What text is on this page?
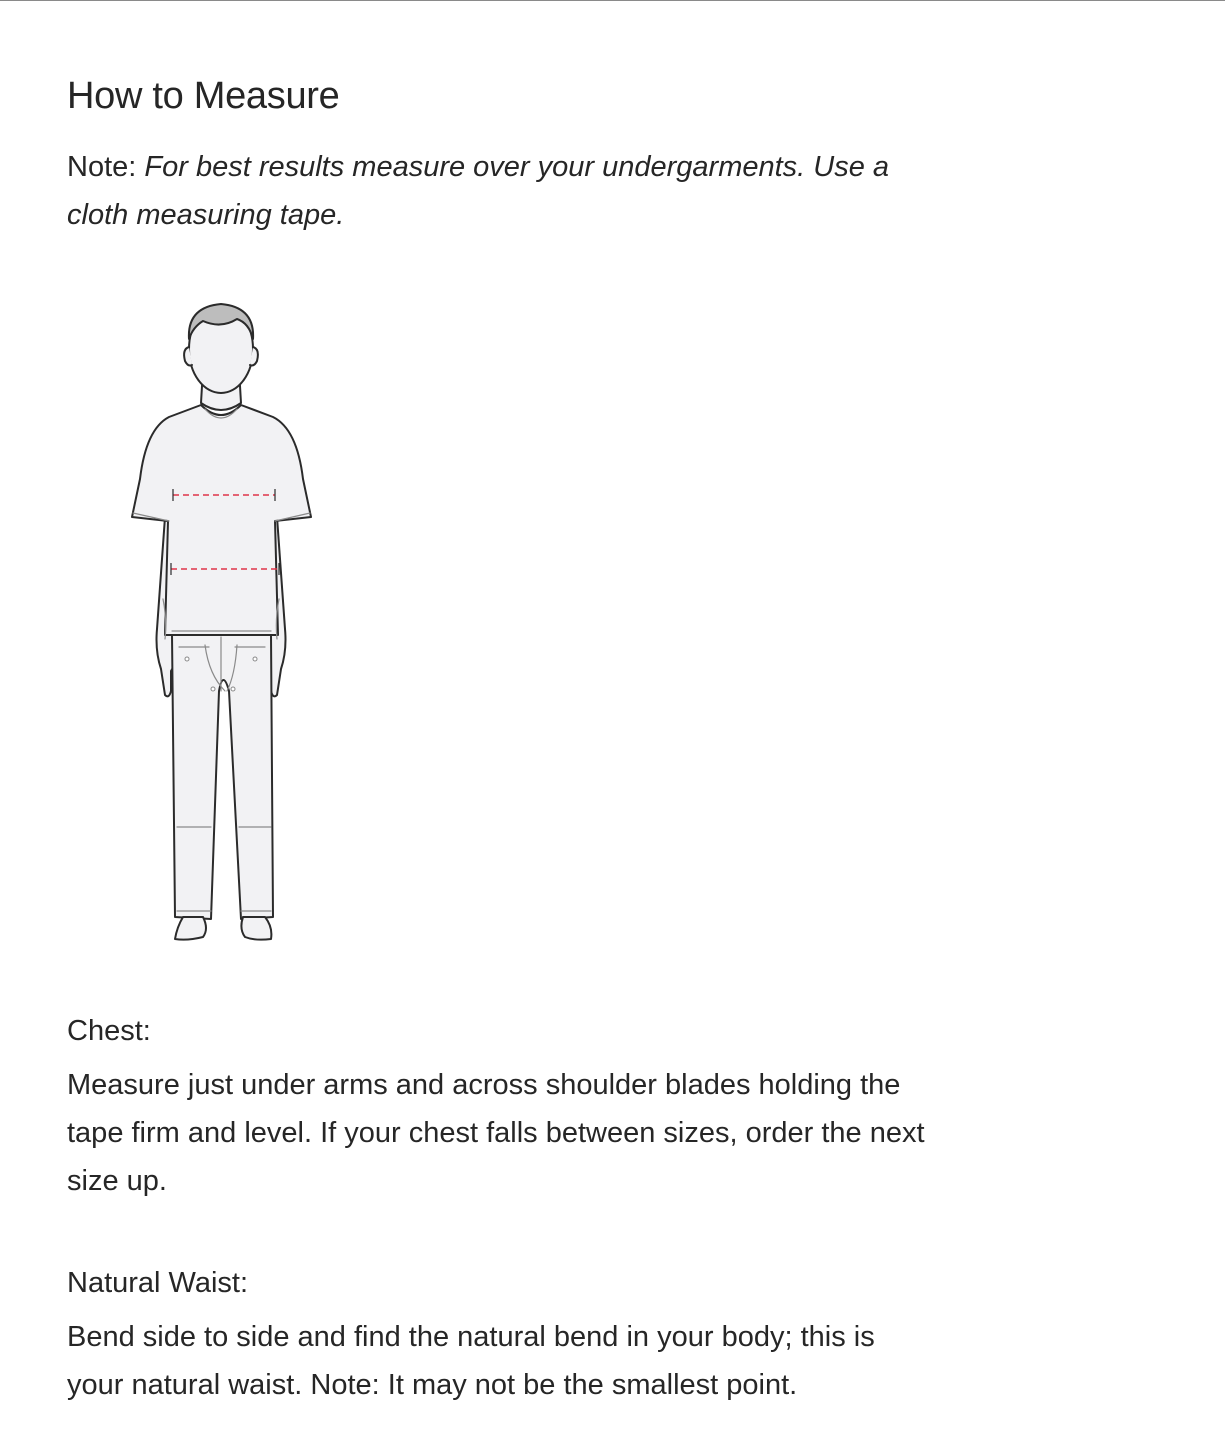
How to Measure

Note: For best results measure over your undergarments. Use a cloth measuring tape.

Chest:

Measure just under arms and across shoulder blades holding the tape firm and level. If your chest falls between sizes, order the next size up.

Natural Waist:

Bend side to side and find the natural bend in your body; this is your natural waist. Note: It may not be the smallest point.
